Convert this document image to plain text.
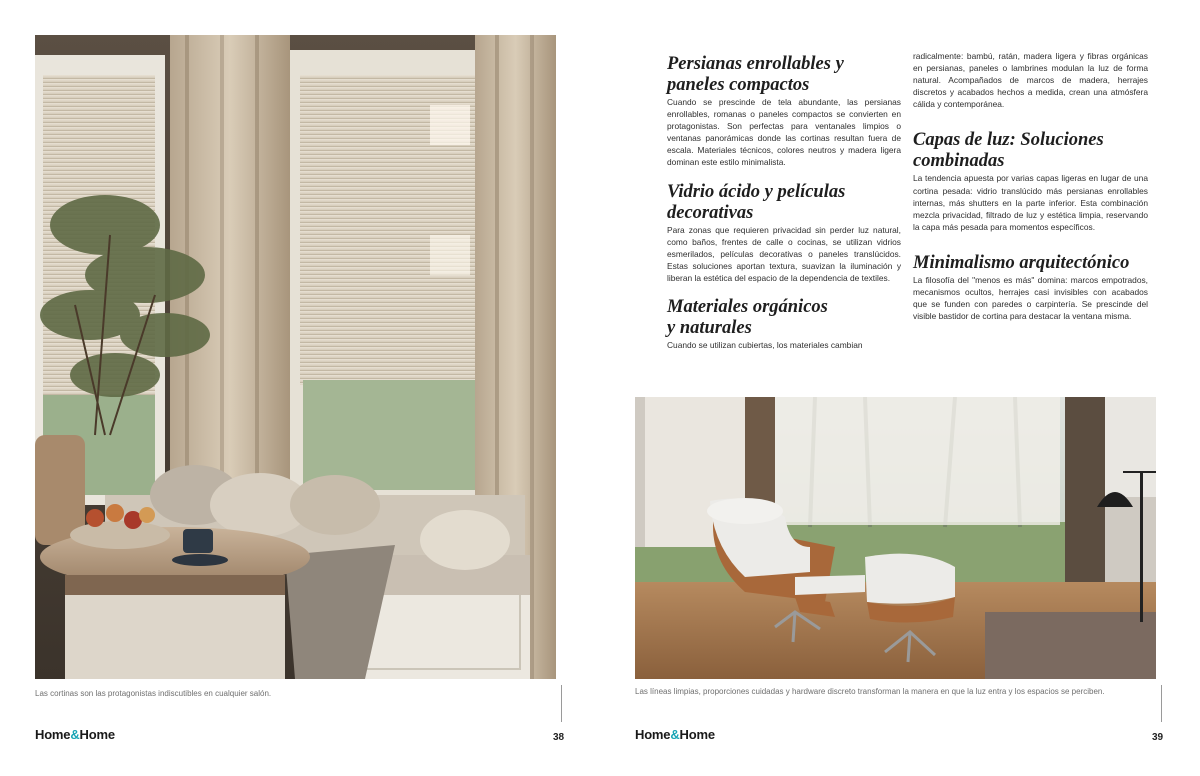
Las cortinas son las protagonistas indiscutibles en cualquier salón.
Home&Home	38
Persianas enrollables y
paneles compactos

Cuando se prescinde de tela abundante, las persianas enrollables, romanas o paneles compactos se convierten en protagonistas. Son perfectas para ventanales limpios o ventanas panorámicas donde las cortinas resultan fuera de escala. Materiales técnicos, colores neutros y madera ligera dominan este estilo minimalista.

Vidrio ácido y películas
decorativas

Para zonas que requieren privacidad sin perder luz natural, como baños, frentes de calle o cocinas, se utilizan vidrios esmerilados, películas decorativas o paneles translúcidos. Estas soluciones aportan textura, suavizan la iluminación y liberan la estética del espacio de la dependencia de textiles.

Materiales orgánicos
y naturales

Cuando se utilizan cubiertas, los materiales cambian

radicalmente: bambú, ratán, madera ligera y fibras orgánicas en persianas, paneles o lambrines modulan la luz de forma natural. Acompañados de marcos de madera, herrajes discretos y acabados hechos a medida, crean una atmósfera cálida y contemporánea.

Capas de luz: Soluciones
combinadas

La tendencia apuesta por varias capas ligeras en lugar de una cortina pesada: vidrio translúcido más persianas enrollables internas, más shutters en la parte inferior. Esta combinación mezcla privacidad, filtrado de luz y estética limpia, reservando la capa más pesada para momentos específicos.

Minimalismo arquitectónico

La filosofía del "menos es más" domina: marcos empotrados, mecanismos ocultos, herrajes casi invisibles con acabados que se funden con paredes o carpintería. Se prescinde del visible bastidor de cortina para destacar la ventana misma.

Las líneas limpias, proporciones cuidadas y hardware discreto transforman la manera en que la luz entra y los espacios se perciben.
Home&Home	39
